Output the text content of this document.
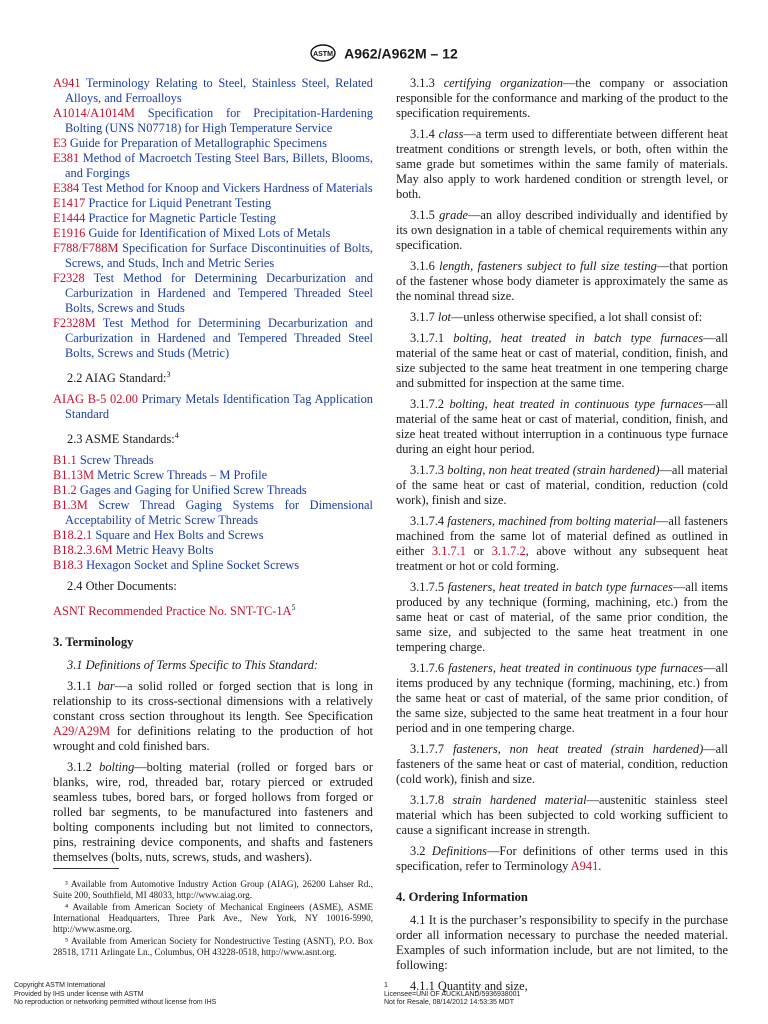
ASTM A962/A962M – 12

A941 Terminology Relating to Steel, Stainless Steel, Related Alloys, and Ferroalloys

A1014/A1014M Specification for Precipitation-Hardening Bolting (UNS N07718) for High Temperature Service

E3 Guide for Preparation of Metallographic Specimens

E381 Method of Macroetch Testing Steel Bars, Billets, Blooms, and Forgings

E384 Test Method for Knoop and Vickers Hardness of Materials

E1417 Practice for Liquid Penetrant Testing

E1444 Practice for Magnetic Particle Testing

E1916 Guide for Identification of Mixed Lots of Metals

F788/F788M Specification for Surface Discontinuities of Bolts, Screws, and Studs, Inch and Metric Series

F2328 Test Method for Determining Decarburization and Carburization in Hardened and Tempered Threaded Steel Bolts, Screws and Studs

F2328M Test Method for Determining Decarburization and Carburization in Hardened and Tempered Threaded Steel Bolts, Screws and Studs (Metric)

2.2 AIAG Standard:$^3$

AIAG B-5 02.00 Primary Metals Identification Tag Application Standard

2.3 ASME Standards:$^4$

B1.1 Screw Threads

B1.13M Metric Screw Threads – M Profile

B1.2 Gages and Gaging for Unified Screw Threads

B1.3M Screw Thread Gaging Systems for Dimensional Acceptability of Metric Screw Threads

B18.2.1 Square and Hex Bolts and Screws

B18.2.3.6M Metric Heavy Bolts

B18.3 Hexagon Socket and Spline Socket Screws

2.4 Other Documents:

ASNT Recommended Practice No. SNT-$TC-1A^5$

3. Terminology

3.1 Definitions of Terms Specific to This Standard:

3.1.1 bar—a solid rolled or forged section that is long in relationship to its cross-sectional dimensions with a relatively constant cross section throughout its length. See Specification A29/A29M for definitions relating to the production of hot wrought and cold finished bars.

3.1.2 bolting—bolting material (rolled or forged bars or blanks, wire, rod, threaded bar, rotary pierced or extruded seamless tubes, bored bars, or forged hollows from forged or rolled bar segments, to be manufactured into fasteners and bolting components including but not limited to connectors, pins, restraining device components, and shafts and fasteners themselves (bolts, nuts, screws, studs, and washers).

³ Available from Automotive Industry Action Group (AIAG), 26200 Lahser Rd., Suite 200, Southfield, MI 48033, http://www.aiag.org.

⁴ Available from American Society of Mechanical Engineers (ASME), ASME International Headquarters, Three Park Ave., New York, NY 10016-5990, http://www.asme.org.

⁵ Available from American Society for Nondestructive Testing (ASNT), P.O. Box 28518, 1711 Arlingate Ln., Columbus, OH 43228-0518, http://www.asnt.org.

3.1.3 certifying organization—the company or association responsible for the conformance and marking of the product to the specification requirements.

3.1.4 class—a term used to differentiate between different heat treatment conditions or strength levels, or both, often within the same grade but sometimes within the same family of materials. May also apply to work hardened condition or strength level, or both.

3.1.5 grade—an alloy described individually and identified by its own designation in a table of chemical requirements within any specification.

3.1.6 length, fasteners subject to full size testing—that portion of the fastener whose body diameter is approximately the same as the nominal thread size.

3.1.7 lot—unless otherwise specified, a lot shall consist of:

3.1.7.1 bolting, heat treated in batch type furnaces—all material of the same heat or cast of material, condition, finish, and size subjected to the same heat treatment in one tempering charge and submitted for inspection at the same time.

3.1.7.2 bolting, heat treated in continuous type furnaces—all material of the same heat or cast of material, condition, finish, and size heat treated without interruption in a continuous type furnace during an eight hour period.

3.1.7.3 bolting, non heat treated (strain hardened)—all material of the same heat or cast of material, condition, reduction (cold work), finish and size.

3.1.7.4 fasteners, machined from bolting material—all fasteners machined from the same lot of material defined as outlined in either 3.1.7.1 or 3.1.7.2, above without any subsequent heat treatment or hot or cold forming.

3.1.7.5 fasteners, heat treated in batch type furnaces—all items produced by any technique (forming, machining, etc.) from the same heat or cast of material, of the same prior condition, the same size, and subjected to the same heat treatment in one tempering charge.

3.1.7.6 fasteners, heat treated in continuous type furnaces—all items produced by any technique (forming, machining, etc.) from the same heat or cast of material, of the same prior condition, of the same size, subjected to the same heat treatment in a four hour period and in one tempering charge.

3.1.7.7 fasteners, non heat treated (strain hardened)—all fasteners of the same heat or cast of material, condition, reduction (cold work), finish and size.

3.1.7.8 strain hardened material—austenitic stainless steel material which has been subjected to cold working sufficient to cause a significant increase in strength.

3.2 Definitions—For definitions of other terms used in this specification, refer to Terminology A941.

4. Ordering Information

4.1 It is the purchaser’s responsibility to specify in the purchase order all information necessary to purchase the needed material. Examples of such information include, but are not limited, to the following:

4.1.1 Quantity and size,

Copyright ASTM International
Provided by IHS under license with ASTM
No reproduction or networking permitted without license from IHS
1
Licensee=UNI OF AUCKLAND/5936938001
Not for Resale, 08/14/2012 14:53:35 MDT
